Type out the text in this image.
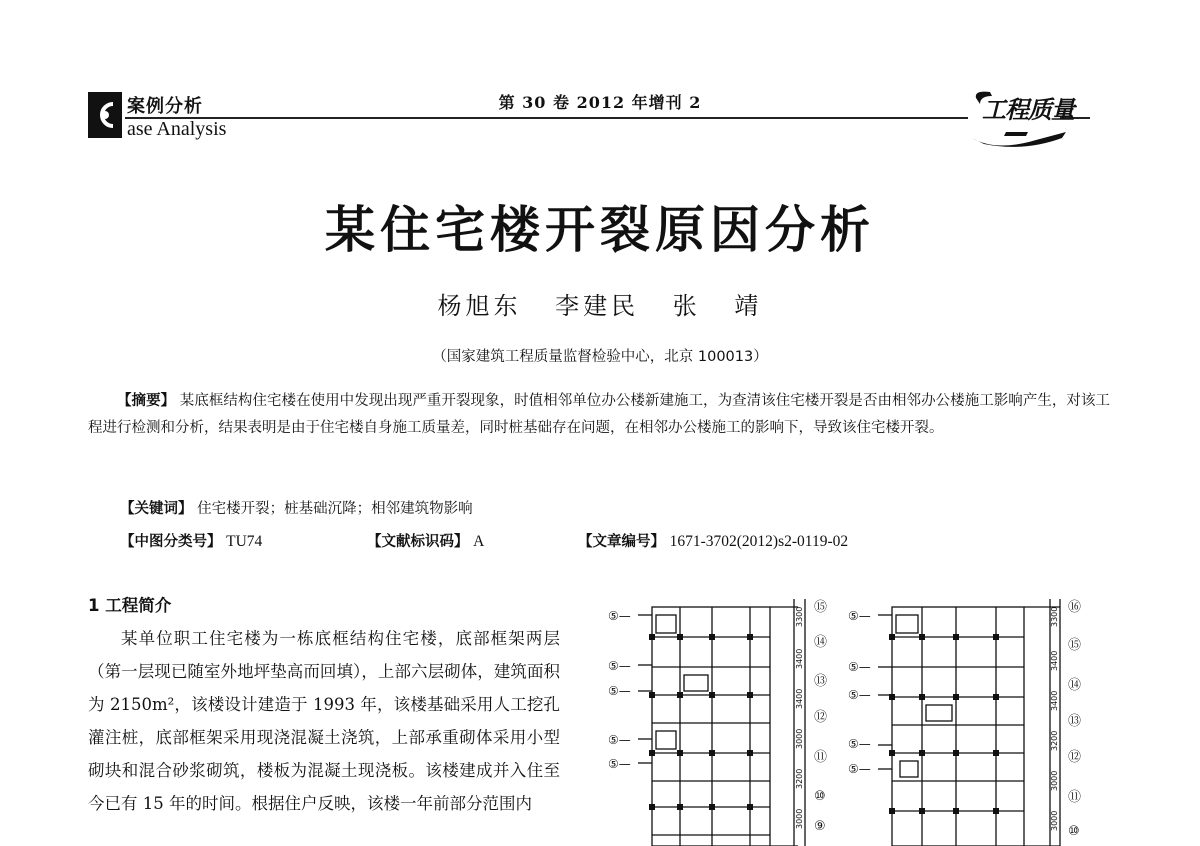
案例分析
ase Analysis
第 30 卷 2012 年增刊 2	工程质量
某住宅楼开裂原因分析
杨旭东 李建民 张 靖
（国家建筑工程质量监督检验中心，北京 100013）
【摘要】 某底框结构住宅楼在使用中发现出现严重开裂现象，时值相邻单位办公楼新建施工，为查清该住宅楼开裂是否由相邻办公楼施工影响产生，对该工程进行检测和分析，结果表明是由于住宅楼自身施工质量差，同时桩基础存在问题，在相邻办公楼施工的影响下，导致该住宅楼开裂。
【关键词】 住宅楼开裂；桩基础沉降；相邻建筑物影响
【中图分类号】 TU74	【文献标识码】 A	【文章编号】 1671-3702(2012)s2-0119-02
1 工程简介
某单位职工住宅楼为一栋底框结构住宅楼，底部框架两层（第一层现已随室外地坪垫高而回填），上部六层砌体，建筑面积为 2150m²，该楼设计建造于 1993 年，该楼基础采用人工挖孔灌注桩，底部框架采用现浇混凝土浇筑，上部承重砌体采用小型砌块和混合砂浆砌筑，楼板为混凝土现浇板。该楼建成并入住至今已有 15 年的时间。根据住户反映，该楼一年前部分范围内
⑤—
⑤—
⑤—
⑤—
⑤—
⑤—
⑤—
⑤—
⑤—
⑤—
3300
3400
3400
3000
3200
3000
3300
3400
3400
3200
3000
3000
⑮
⑭
⑬
⑫
⑪
⑩
⑨
⑯
⑮
⑭
⑬
⑫
⑪
⑩
